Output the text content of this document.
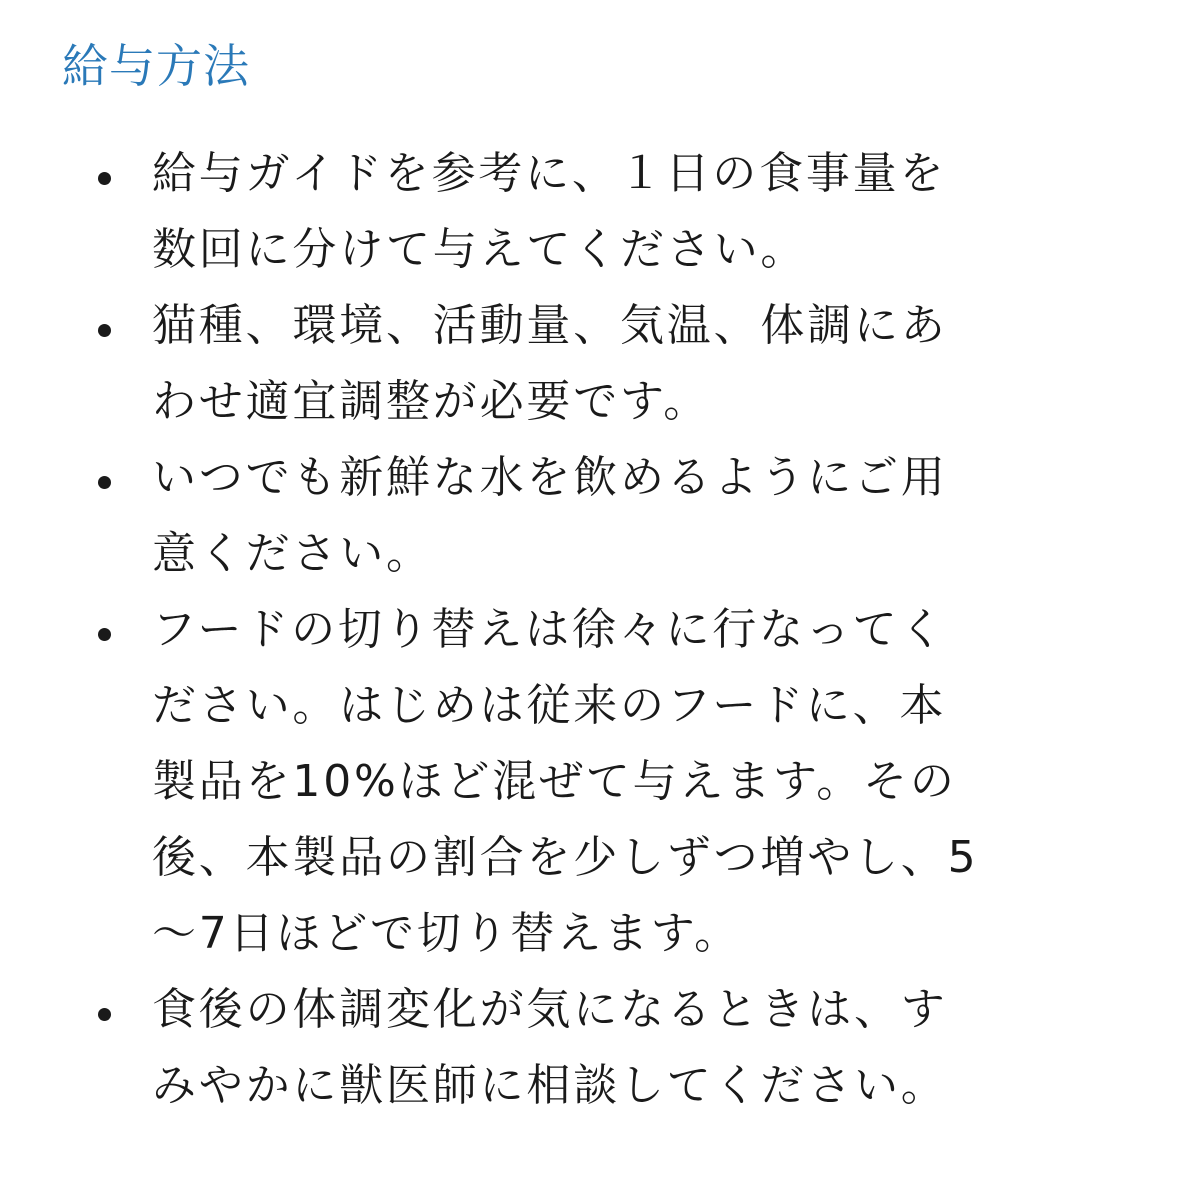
給与方法
給与ガイドを参考に、１日の食事量を
数回に分けて与えてください。
猫種、環境、活動量、気温、体調にあ
わせ適宜調整が必要です。
いつでも新鮮な水を飲めるようにご用
意ください。
フードの切り替えは徐々に行なってく
ださい。はじめは従来のフードに、本
製品を10%ほど混ぜて与えます。その
後、本製品の割合を少しずつ増やし、5
〜7日ほどで切り替えます。
食後の体調変化が気になるときは、す
みやかに獣医師に相談してください。
